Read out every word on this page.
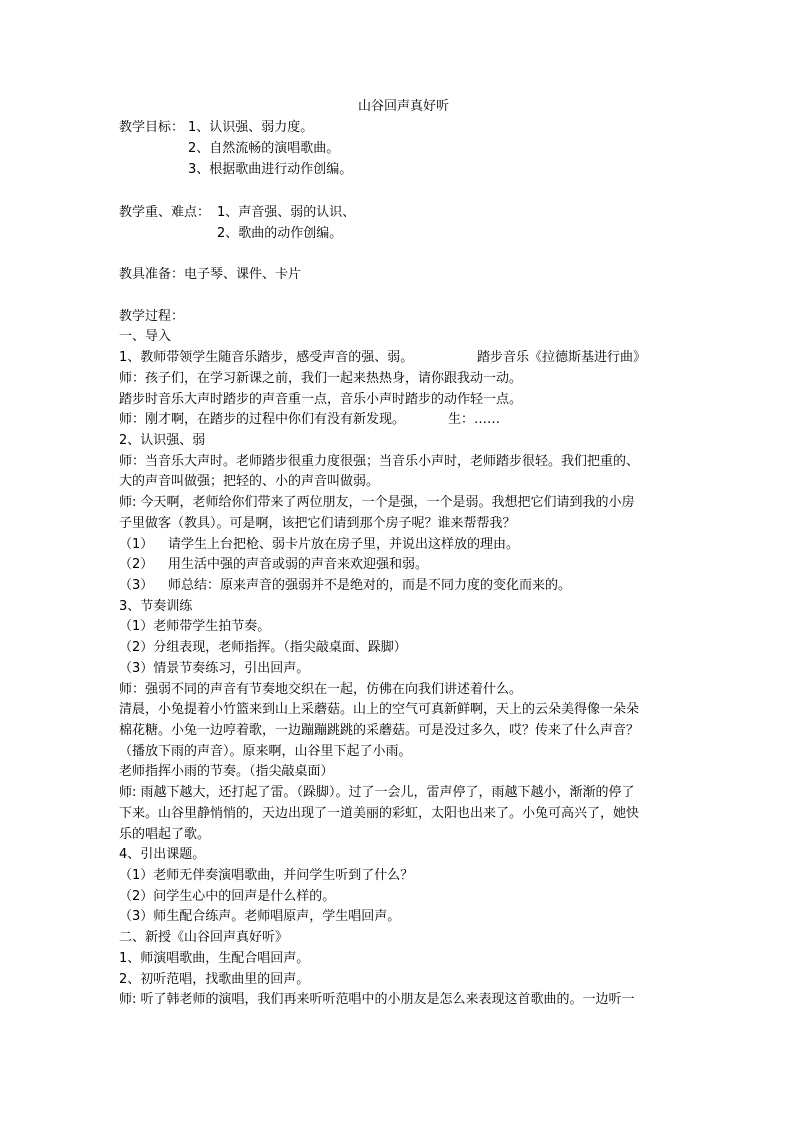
山谷回声真好听
教学目标： 1、认识强、弱力度。
2、自然流畅的演唱歌曲。
3、根据歌曲进行动作创编。
教学重、难点： 1、声音强、弱的认识、
2、歌曲的动作创编。
教具准备：电子琴、课件、卡片
教学过程：
一、导入
1、教师带领学生随音乐踏步，感受声音的强、弱。	踏步音乐《拉德斯基进行曲》
师：孩子们，在学习新课之前，我们一起来热热身，请你跟我动一动。
踏步时音乐大声时踏步的声音重一点，音乐小声时踏步的动作轻一点。
师：刚才啊，在踏步的过程中你们有没有新发现。	生：……
2、认识强、弱
师：当音乐大声时。老师踏步很重力度很强；当音乐小声时，老师踏步很轻。我们把重的、
大的声音叫做强；把轻的、小的声音叫做弱。
师: 今天啊，老师给你们带来了两位朋友，一个是强，一个是弱。我想把它们请到我的小房
子里做客（教具）。可是啊，该把它们请到那个房子呢？谁来帮帮我？
（1） 请学生上台把枪、弱卡片放在房子里，并说出这样放的理由。
（2） 用生活中强的声音或弱的声音来欢迎强和弱。
（3） 师总结：原来声音的强弱并不是绝对的，而是不同力度的变化而来的。
3、节奏训练
（1）老师带学生拍节奏。
（2）分组表现，老师指挥。（指尖敲桌面、跺脚）
（3）情景节奏练习，引出回声。
师：强弱不同的声音有节奏地交织在一起，仿佛在向我们讲述着什么。
清晨，小兔提着小竹篮来到山上采蘑菇。山上的空气可真新鲜啊，天上的云朵美得像一朵朵
棉花糖。小兔一边哼着歌，一边蹦蹦跳跳的采蘑菇。可是没过多久，哎？传来了什么声音？
（播放下雨的声音）。原来啊，山谷里下起了小雨。
老师指挥小雨的节奏。（指尖敲桌面）
师: 雨越下越大，还打起了雷。（跺脚）。过了一会儿，雷声停了，雨越下越小，渐渐的停了
下来。山谷里静悄悄的，天边出现了一道美丽的彩虹，太阳也出来了。小兔可高兴了，她快
乐的唱起了歌。
4、引出课题。
（1）老师无伴奏演唱歌曲，并问学生听到了什么？
（2）问学生心中的回声是什么样的。
（3）师生配合练声。老师唱原声，学生唱回声。
二、新授《山谷回声真好听》
1、师演唱歌曲，生配合唱回声。
2、初听范唱，找歌曲里的回声。
师: 听了韩老师的演唱，我们再来听听范唱中的小朋友是怎么来表现这首歌曲的。一边听一
